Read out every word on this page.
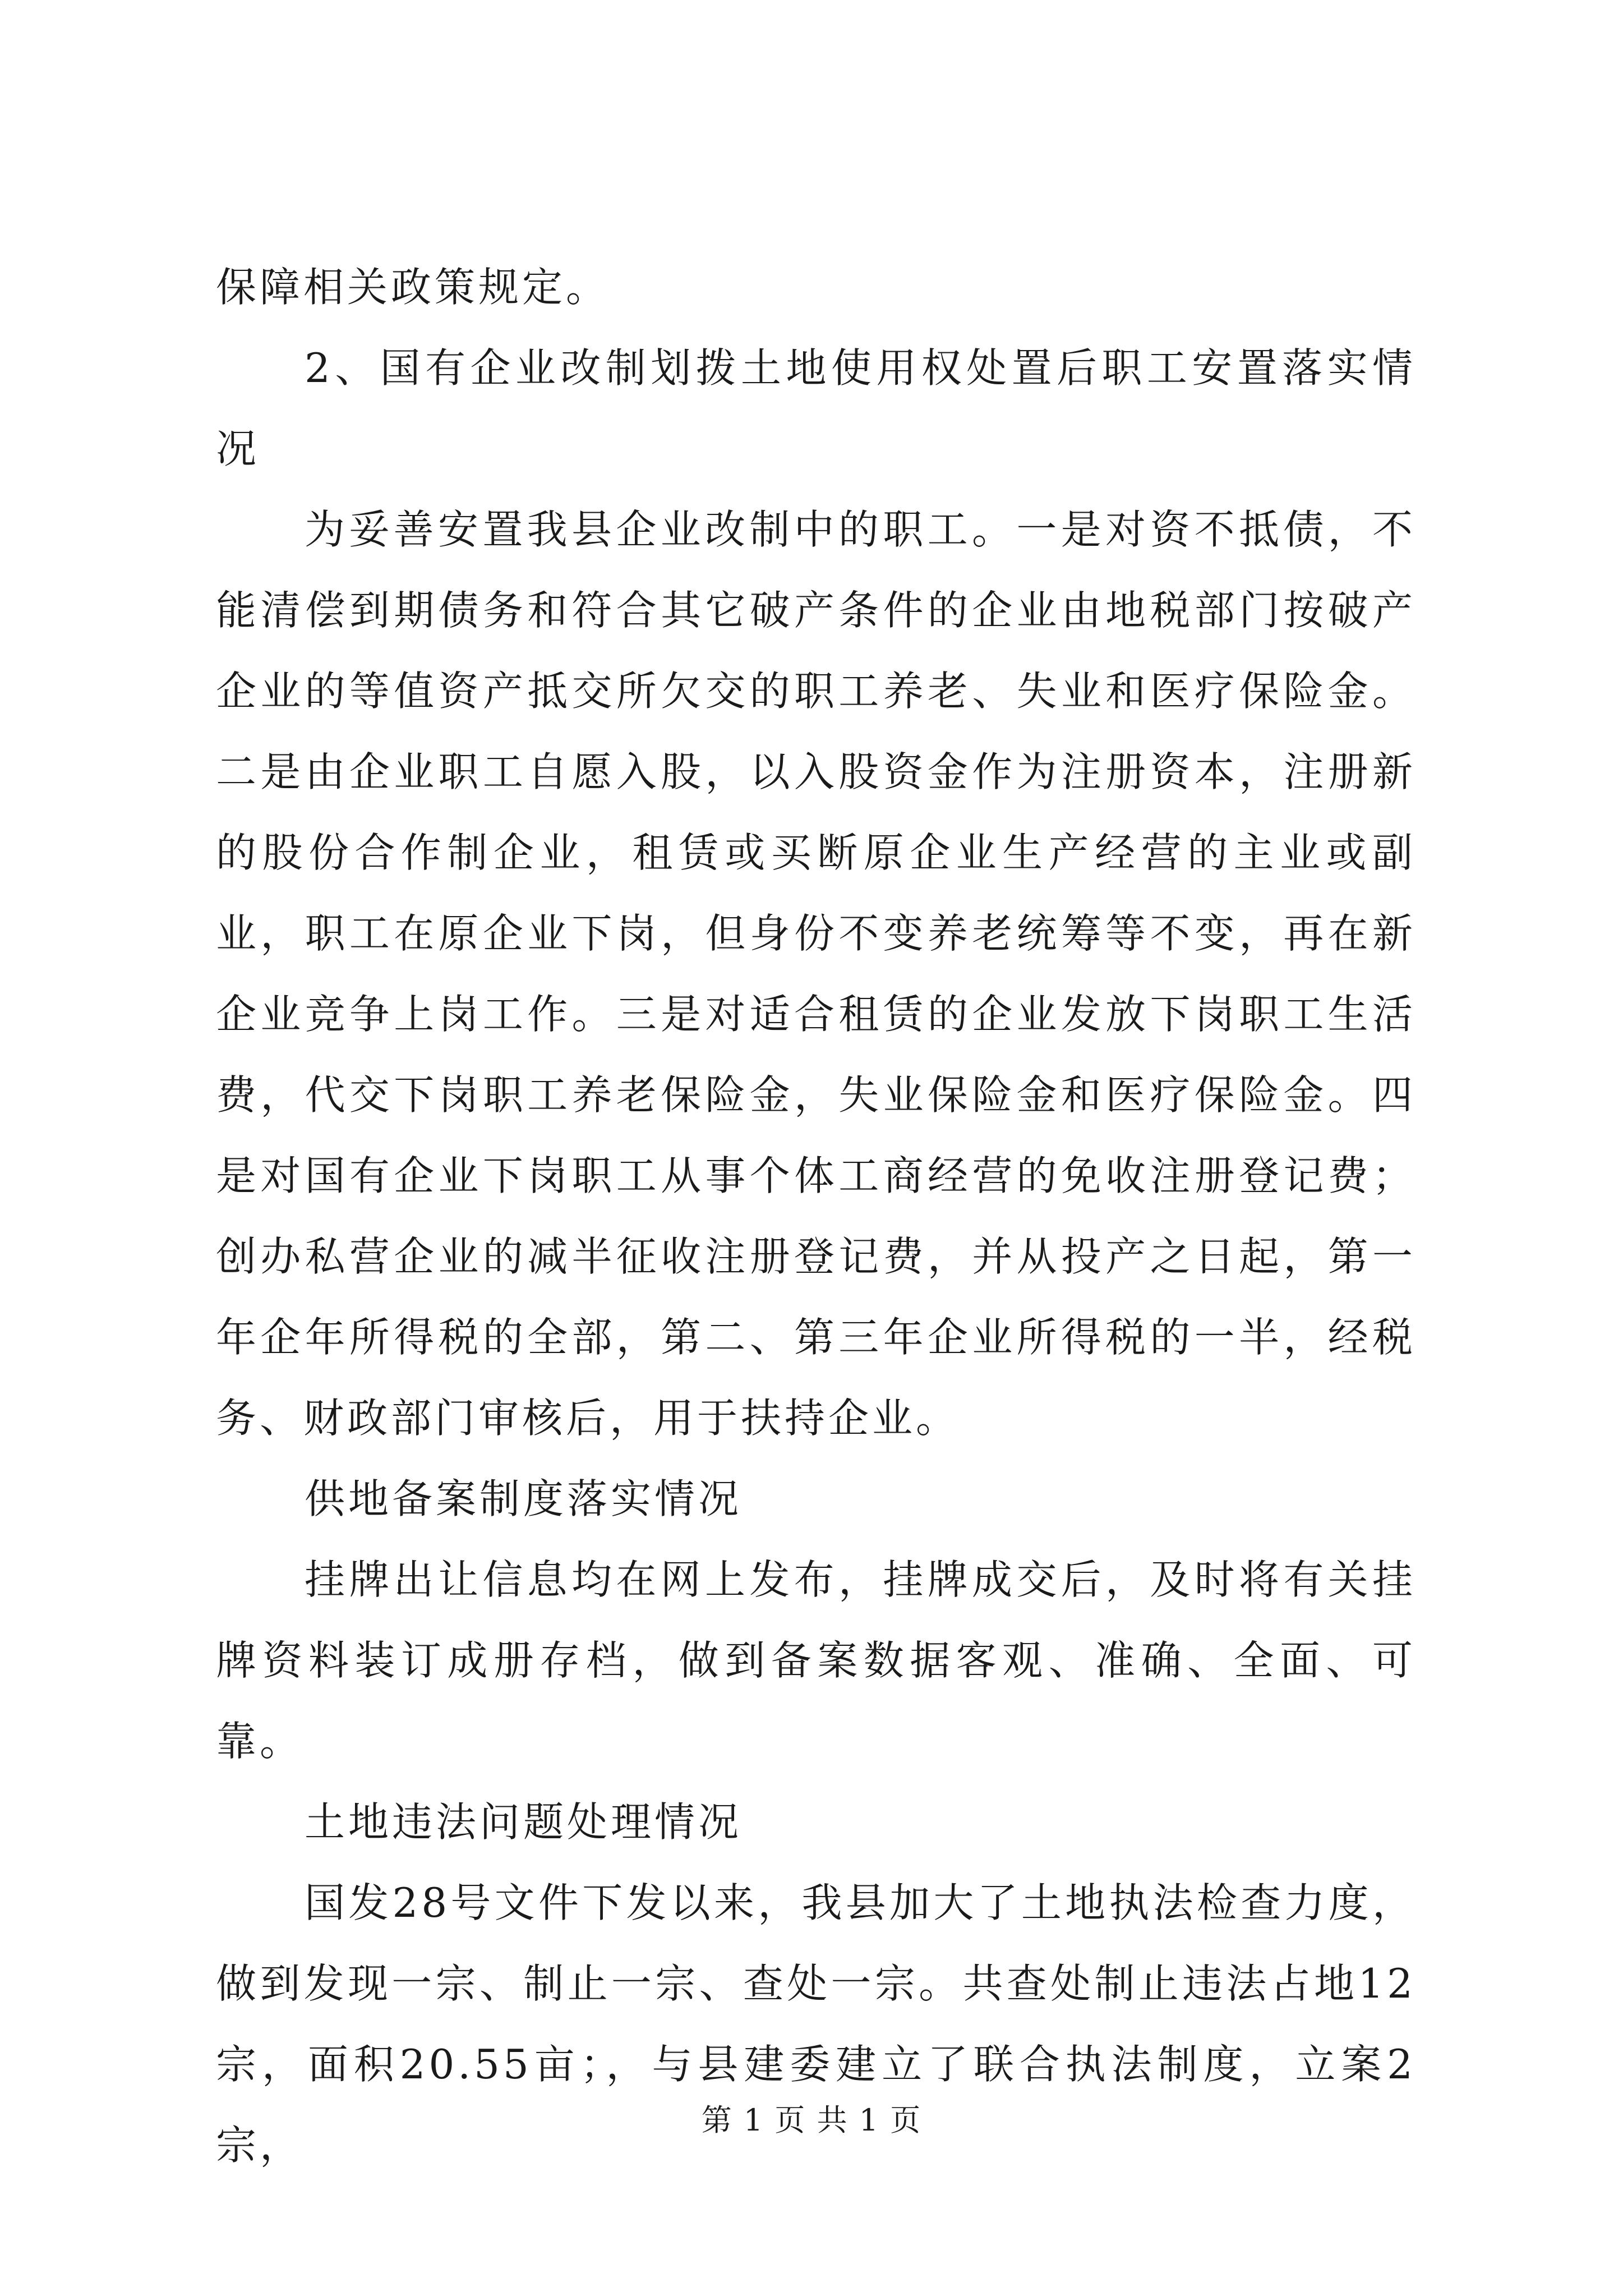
保障相关政策规定。

2、国有企业改制划拨土地使用权处置后职工安置落实情况

为妥善安置我县企业改制中的职工。一是对资不抵债，不能清偿到期债务和符合其它破产条件的企业由地税部门按破产企业的等值资产抵交所欠交的职工养老、失业和医疗保险金。二是由企业职工自愿入股，以入股资金作为注册资本，注册新的股份合作制企业，租赁或买断原企业生产经营的主业或副业，职工在原企业下岗，但身份不变养老统筹等不变，再在新企业竞争上岗工作。三是对适合租赁的企业发放下岗职工生活费，代交下岗职工养老保险金，失业保险金和医疗保险金。四是对国有企业下岗职工从事个体工商经营的免收注册登记费；创办私营企业的减半征收注册登记费，并从投产之日起，第一年企年所得税的全部，第二、第三年企业所得税的一半，经税务、财政部门审核后，用于扶持企业。

供地备案制度落实情况

挂牌出让信息均在网上发布，挂牌成交后，及时将有关挂牌资料装订成册存档，做到备案数据客观、准确、全面、可靠。

土地违法问题处理情况

国发28号文件下发以来，我县加大了土地执法检查力度，做到发现一宗、制止一宗、查处一宗。共查处制止违法占地12宗，面积20.55亩；，与县建委建立了联合执法制度，立案2宗，

第 1 页 共 1 页
